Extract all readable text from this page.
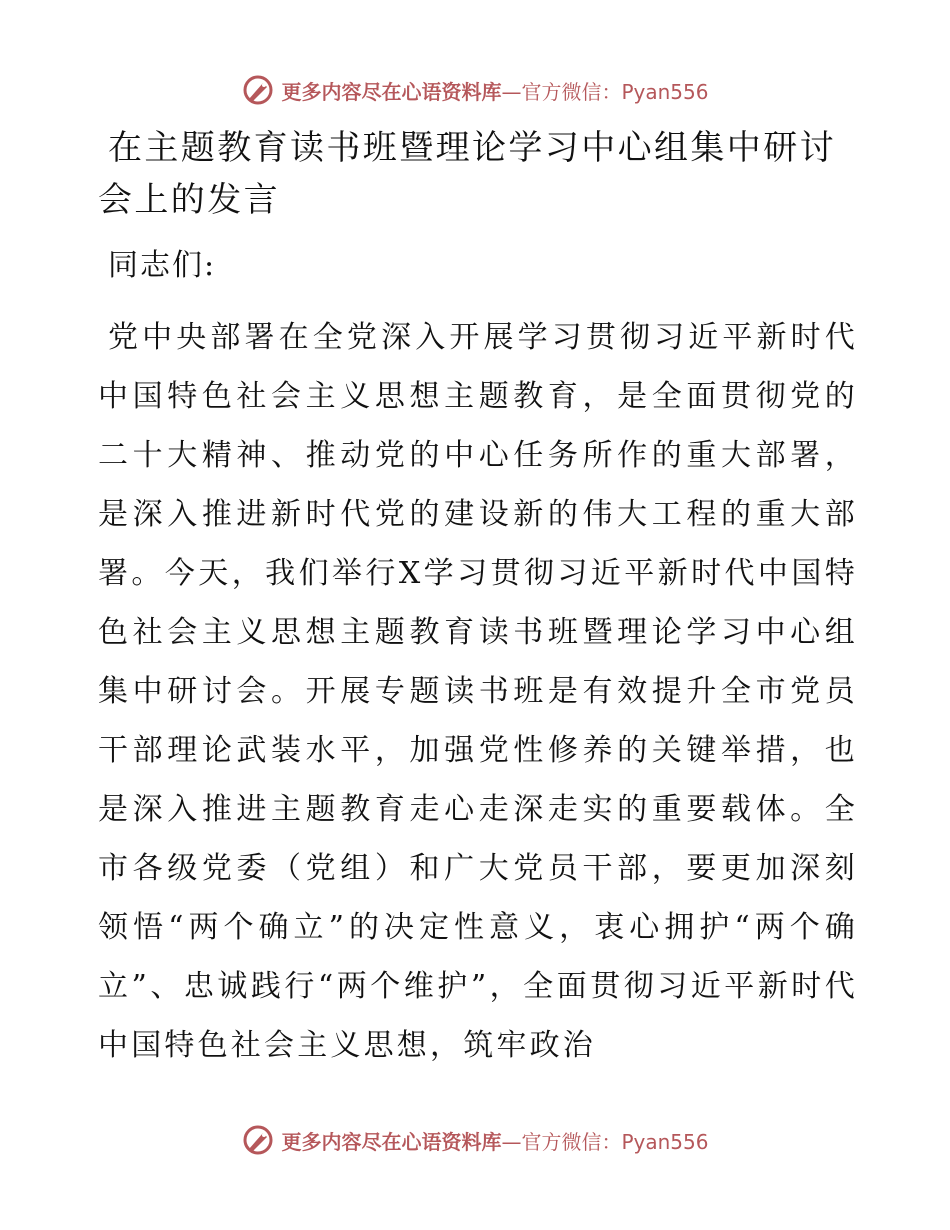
更多内容尽在心语资料库—官方微信：Pyan556
在主题教育读书班暨理论学习中心组集中研讨会上的发言

同志们:

党中央部署在全党深入开展学习贯彻习近平新时代中国特色社会主义思想主题教育，是全面贯彻党的二十大精神、推动党的中心任务所作的重大部署，是深入推进新时代党的建设新的伟大工程的重大部署。今天，我们举行X学习贯彻习近平新时代中国特色社会主义思想主题教育读书班暨理论学习中心组集中研讨会。开展专题读书班是有效提升全市党员干部理论武装水平，加强党性修养的关键举措，也是深入推进主题教育走心走深走实的重要载体。全市各级党委（党组）和广大党员干部，要更加深刻领悟“两个确立”的决定性意义，衷心拥护“两个确立”、忠诚践行“两个维护”，全面贯彻习近平新时代中国特色社会主义思想，筑牢政治

更多内容尽在心语资料库—官方微信：Pyan556
